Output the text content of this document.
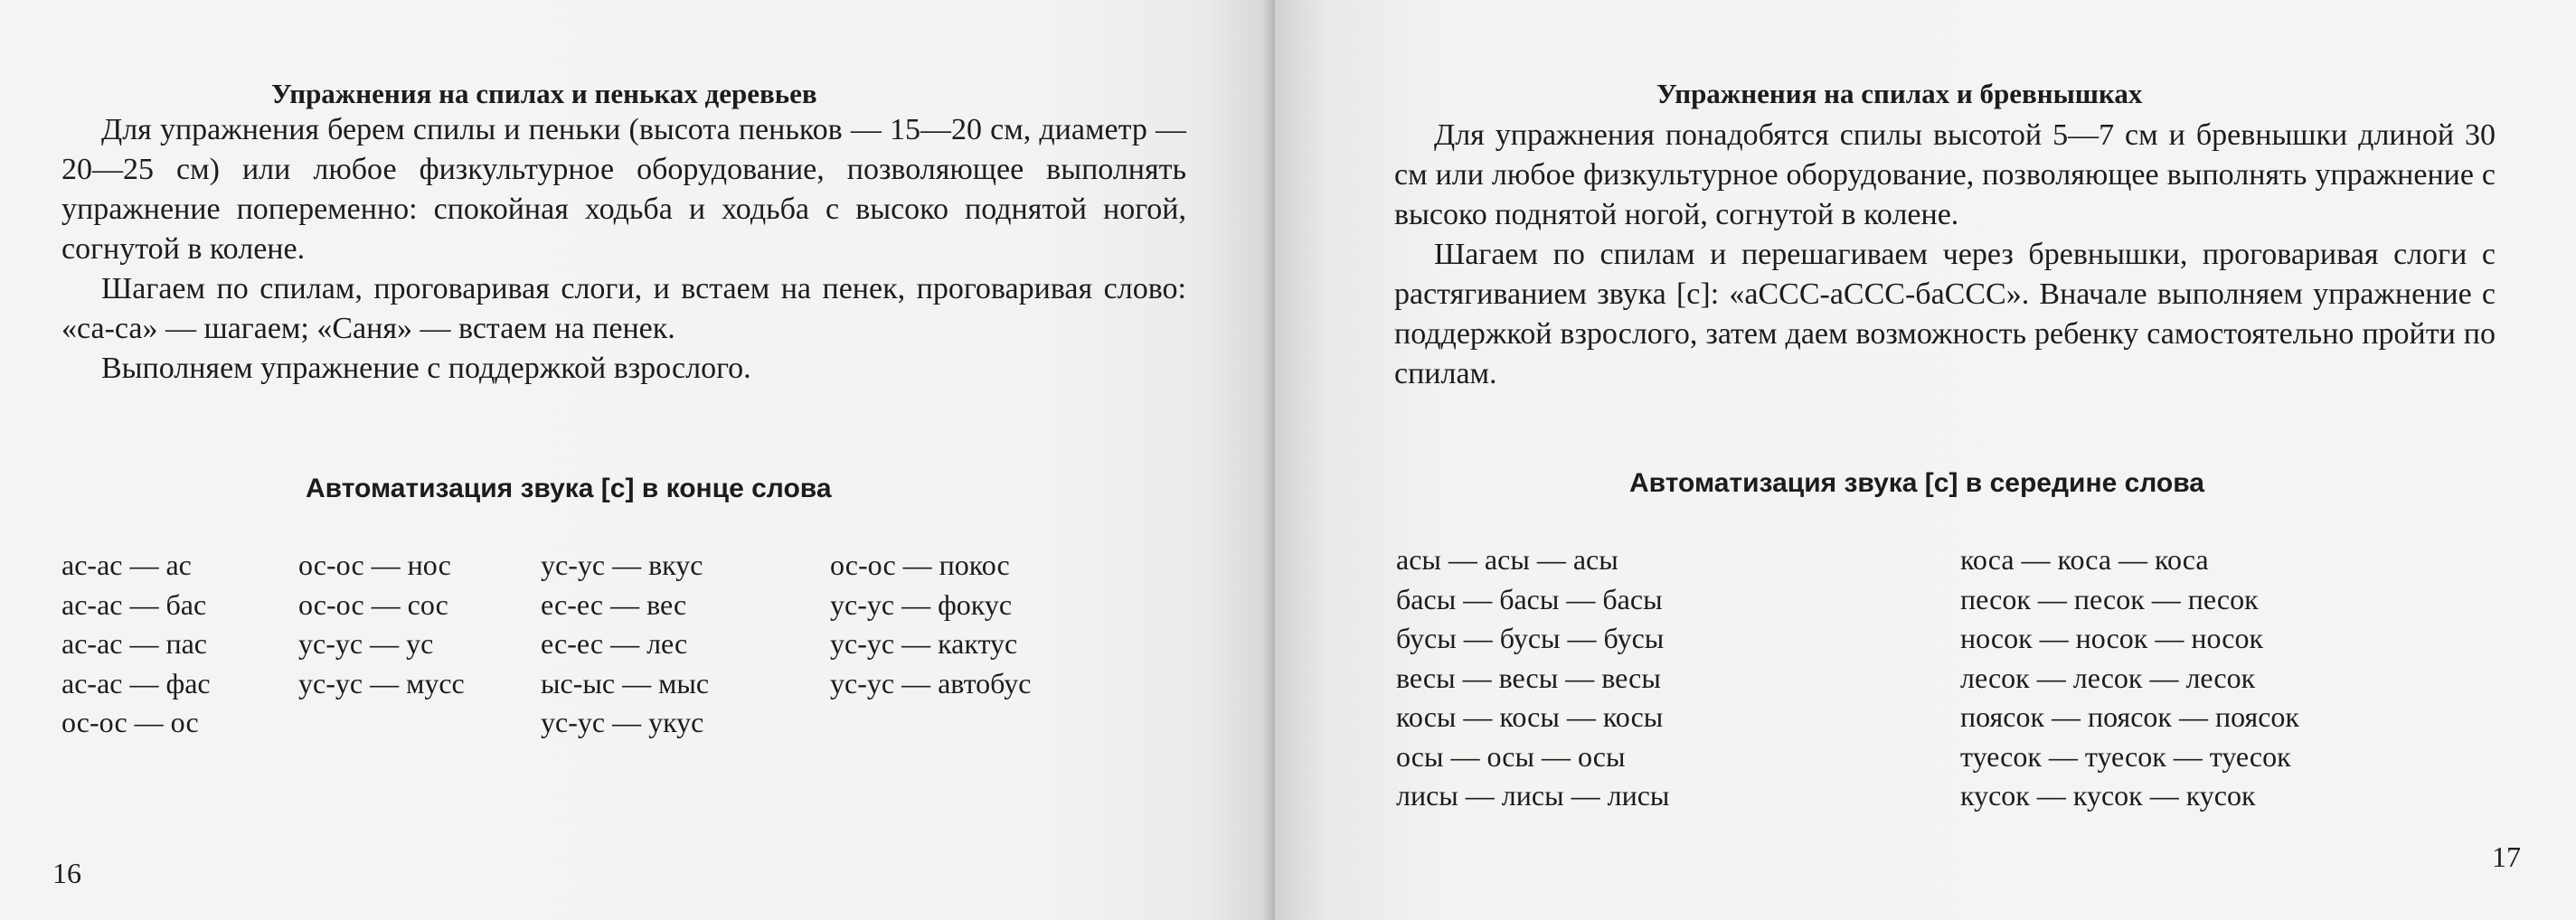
Упражнения на спилах и пеньках деревьев

Для упражнения берем спилы и пеньки (высота пеньков — 15—20 см, диаметр — 20—25 см) или любое физкультурное оборудование, позволяющее выполнять упражнение попеременно: спокойная ходьба и ходьба с высоко поднятой ногой, согнутой в колене.

Шагаем по спилам, проговаривая слоги, и встаем на пенек, проговаривая слово: «са-са» — шагаем; «Саня» — встаем на пенек.

Выполняем упражнение с поддержкой взрослого.

Автоматизация звука [с] в конце слова
ас-ас — ас
ас-ас — бас
ас-ас — пас
ас-ас — фас
ос-ос — ос
ос-ос — нос
ос-ос — сос
ус-ус — ус
ус-ус — мусс
ус-ус — вкус
ес-ес — вес
ес-ес — лес
ыс-ыс — мыс
ус-ус — укус
ос-ос — покос
ус-ус — фокус
ус-ус — кактус
ус-ус — автобус
16
Упражнения на спилах и бревнышках

Для упражнения понадобятся спилы высотой 5—7 см и бревнышки длиной 30 см или любое физкультурное оборудование, позволяющее выполнять упражнение с высоко поднятой ногой, согнутой в колене.

Шагаем по спилам и перешагиваем через бревнышки, проговаривая слоги с растягиванием звука [с]: «аССС-аССС-баССС». Вначале выполняем упражнение с поддержкой взрослого, затем даем возможность ребенку самостоятельно пройти по спилам.

Автоматизация звука [с] в середине слова
асы — асы — асы
басы — басы — басы
бусы — бусы — бусы
весы — весы — весы
косы — косы — косы
осы — осы — осы
лисы — лисы — лисы
коса — коса — коса
песок — песок — песок
носок — носок — носок
лесок — лесок — лесок
поясок — поясок — поясок
туесок — туесок — туесок
кусок — кусок — кусок
17
